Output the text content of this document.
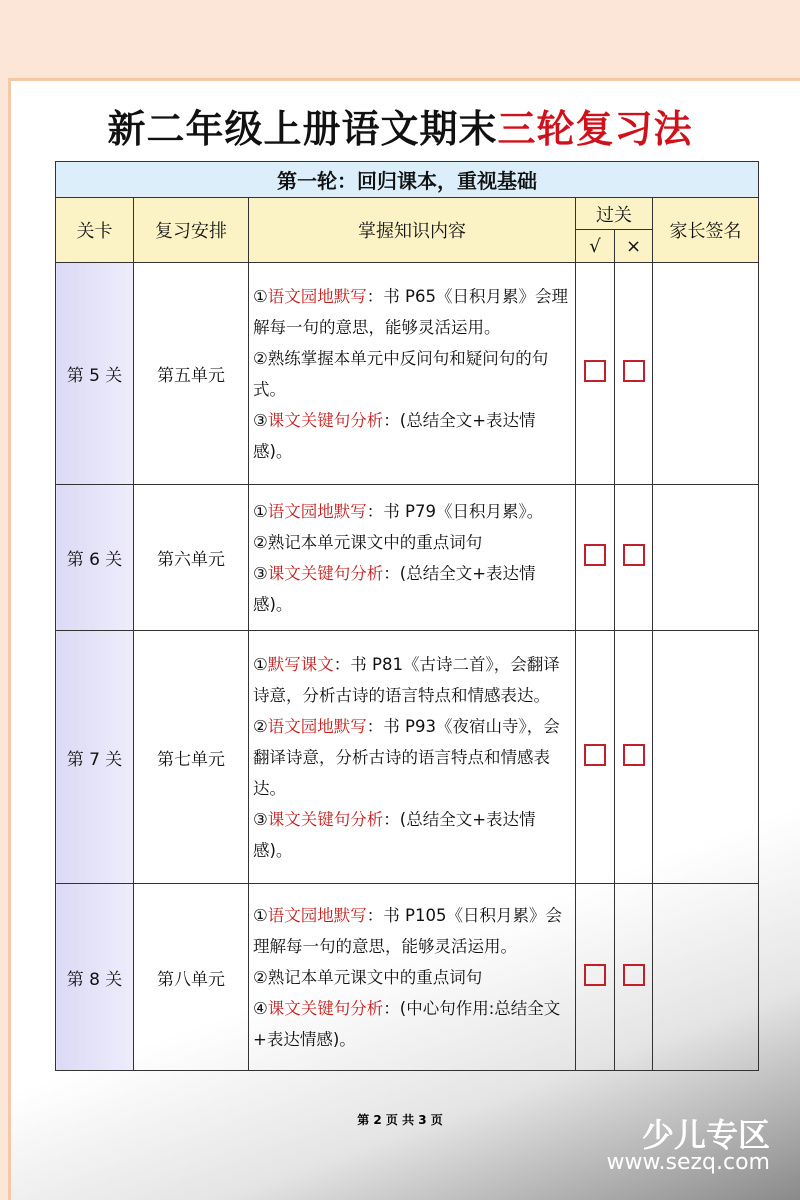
新二年级上册语文期末三轮复习法
第一轮：回归课本，重视基础					
关卡	复习安排	掌握知识内容	过关		家长签名
			√	×	
第 5 关	第五单元	①语文园地默写：书 P65《日积月累》会理解每一句的意思，能够灵活运用。
②熟练掌握本单元中反问句和疑问句的句式。
③课文关键句分析：(总结全文+表达情感)。			

第 6 关	第六单元	①语文园地默写：书 P79《日积月累》。
②熟记本单元课文中的重点词句
③课文关键句分析：(总结全文+表达情感)。			

第 7 关	第七单元	①默写课文：书 P81《古诗二首》，会翻译诗意，分析古诗的语言特点和情感表达。
②语文园地默写：书 P93《夜宿山寺》，会翻译诗意，分析古诗的语言特点和情感表达。
③课文关键句分析：(总结全文+表达情感)。			

第 8 关	第八单元	①语文园地默写：书 P105《日积月累》会理解每一句的意思，能够灵活运用。
②熟记本单元课文中的重点词句
④课文关键句分析：(中心句作用:总结全文+表达情感)。			

第 2 页 共 3 页	少儿专区
www.sezq.com
